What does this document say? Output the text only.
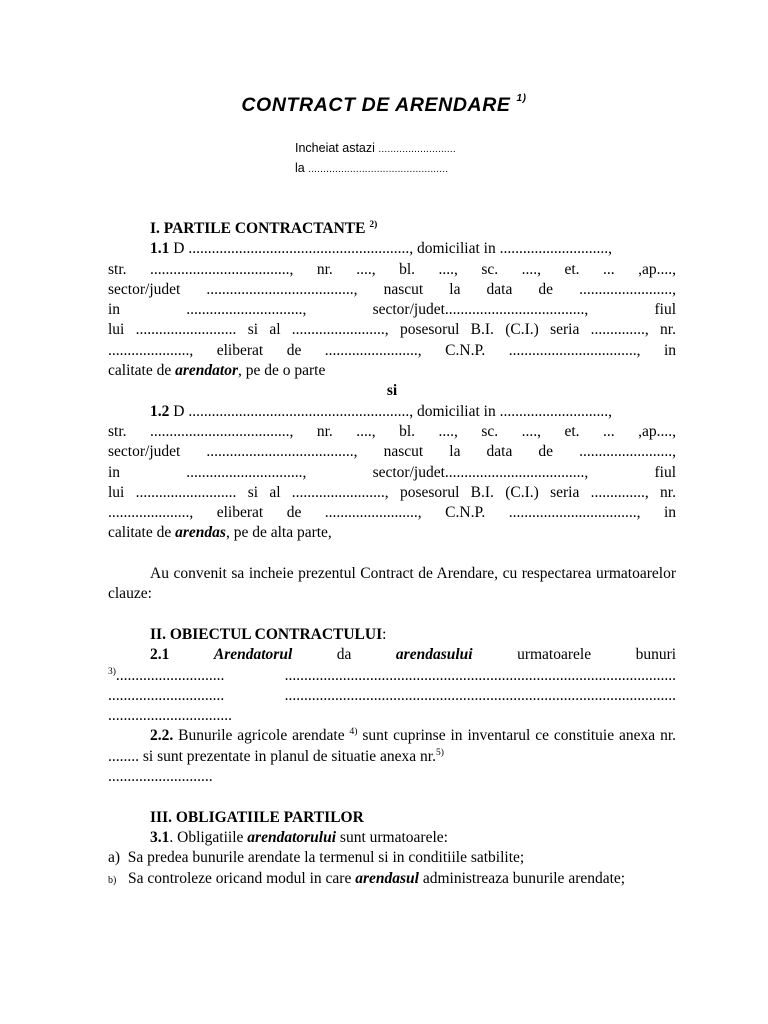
CONTRACT DE ARENDARE $^{1)}$
Incheiat astazi ..........................
la ...............................................

I. PARTILE CONTRACTANTE $^{2)}$

1.1 D ........................................................., domiciliat in ............................,

str. ...................................., nr. ...., bl. ...., sc. ...., et. ... ,ap....,

sector/judet ......................................, nascut la data de ........................,

in .............................., sector/judet...................................., fiul

lui .......................... si al ........................, posesorul B.I. (C.I.) seria .............., nr.

....................., eliberat de ........................, C.N.P. ................................., in

calitate de arendator, pe de o parte

si

1.2 D ........................................................., domiciliat in ............................,

str. ...................................., nr. ...., bl. ...., sc. ...., et. ... ,ap....,

sector/judet ......................................, nascut la data de ........................,

in .............................., sector/judet...................................., fiul

lui .......................... si al ........................, posesorul B.I. (C.I.) seria .............., nr.

....................., eliberat de ........................, C.N.P. ................................., in

calitate de arendas, pe de alta parte,

Au convenit sa incheie prezentul Contract de Arendare, cu respectarea urmatoarelor clauze:

II. OBIECTUL CONTRACTULUI:

2.1	Arendatorul	da	arendasului	urmatoarele	bunuri

$^{3)}$............................ .....................................................................................................

.............................. .....................................................................................................

................................

2.2. Bunurile agricole arendate $^{4)}$ sunt cuprinse in inventarul ce constituie anexa nr. ........ si sunt prezentate in planul de situatie anexa nr.$^{5)}$

...........................

III. OBLIGATIILE PARTILOR

3.1. Obligatiile arendatorului sunt urmatoarele:

a) Sa predea bunurile arendate la termenul si in conditiile satbilite;

b) Sa controleze oricand modul in care arendasul administreaza bunurile arendate;
